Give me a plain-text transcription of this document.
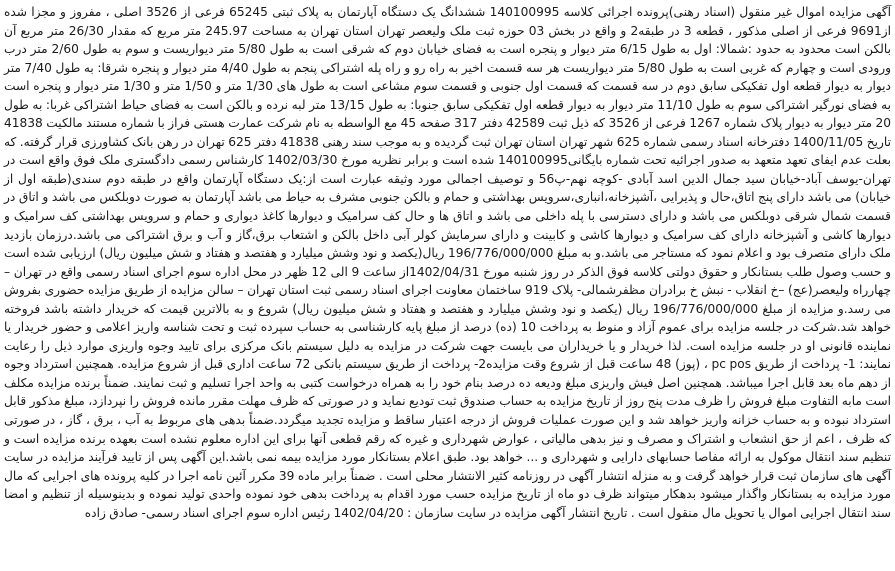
آگهی مزایده اموال غیر منقول (اسناد رهنی)پرونده اجرائی کلاسه 140100995 ششدانگ یک دستگاه آپارتمان به پلاک ثبتی 65245 فرعی از 3526 اصلی ، مفروز و مجزا شده از9691 فرعی از اصلی مذکور ، قطعه 3 در طبقه2 و واقع در بخش 03 حوزه ثبت ملک ولیعصر تهران استان تهران به مساحت 245.97 متر مربع که مقدار 26/30 متر مربع آن بالکن است محدود به حدود :شمالا: اول به طول 6/15 متر دیوار و پنجره است به فضای خیابان دوم که شرقی است به طول 5/80 متر دیواریست و سوم به طول 2/60 متر درب ورودی است و چهارم که غربی است به طول 5/80 متر دیواریست هر سه قسمت اخیر به راه رو و راه پله اشتراکی پنجم به طول 4/40 متر دیوار و پنجره شرقا: به طول 7/40 متر دیوار به دیوار قطعه اول تفکیکی سابق دوم در سه قسمت که قسمت اول جنوبی و قسمت سوم مشاعی است به طول های 1/30 متر و 1/50 متر و 1/30 متر دیوار و پنجره است به فضای نورگیر اشتراکی سوم به طول 11/10 متر دیوار به دیوار قطعه اول تفکیکی سابق جنوبا: به طول 13/15 متر لبه نرده و بالکن است به فضای حیاط اشتراکی غربا: به طول 20 متر دیوار به دیوار پلاک شماره 1267 فرعی از 3526 که ذیل ثبت 42589 دفتر 317 صفحه 45 مع الواسطه به نام شرکت عمارت هستی فراز با شماره مستند مالکیت 41838 تاریخ 1400/11/05 دفترخانه اسناد رسمی شماره 625 شهر تهران استان تهران ثبت گردیده و به موجب سند رهنی 41838 دفتر 625 تهران در رهن بانک کشاورزی قرار گرفته. که بعلت عدم ایفای تعهد متعهد به صدور اجرائیه تحت شماره بایگانی140100995 شده است و برابر نظریه مورخ 1402/03/30 کارشناس رسمی دادگستری ملک فوق واقع است در تهران-یوسف آباد-خیابان سید جمال الدین اسد آبادی -کوچه نهم-پ56 و توصیف اجمالی مورد وثیقه عبارت است از:یک دستگاه آپارتمان واقع در طبقه دوم سندی(طبقه اول از خیابان) می باشد دارای پنج اتاق،حال و پذیرایی ،آشپزخانه،انباری،سرویس بهداشتی و حمام و بالکن جنوبی مشرف به حیاط می باشد آپارتمان به صورت دوبلکس می باشد و اتاق در قسمت شمال شرقی دوبلکس می باشد و دارای دسترسی با پله داخلی می باشد و اتاق ها و حال کف سرامیک و دیوارها کاغذ دیواری و حمام و سرویس بهداشتی کف سرامیک و دیوارها کاشی و آشپزخانه دارای کف سرامیک و دیوارها کاشی و کابینت و دارای سرمایش کولر آبی داخل بالکن و اشتعاب برق،گاز و آب و برق اشتراکی می باشد.درزمان بازدید ملک دارای متصرف بود و اعلام نمود که مستاجر می باشد.و به مبلغ 196/776/000/000 ریال(یکصد و نود وشش میلیارد و هفتصد و هفتاد و شش میلیون ریال) ارزیابی شده است و حسب وصول طلب بستانکار و حقوق دولتی کلاسه فوق الذکر در روز شنبه مورخ 1402/04/31از ساعت 9 الی 12 ظهر در محل اداره سوم اجرای اسناد رسمی واقع در تهران – چهارراه ولیعصر(عج) –خ انقلاب - نبش خ برادران مظفرشمالی- پلاک 919 ساختمان معاونت اجرای اسناد رسمی ثبت استان تهران – سالن مزایده از طریق مزایده حضوری بفروش می رسد.و مزایده از مبلغ 196/776/000/000 ریال (یکصد و نود وشش میلیارد و هفتصد و هفتاد و شش میلیون ریال) شروع و به بالاترین قیمت که خریدار داشته باشد فروخته خواهد شد.شرکت در جلسه مزایده برای عموم آزاد و منوط به پرداخت 10 (ده) درصد از مبلغ پایه کارشناسی به حساب سپرده ثبت و تحت شناسه واریز اعلامی و حضور خریدار یا نماینده قانونی او در جلسه مزایده است. لذا خریدار و یا خریداران می بایست جهت شرکت در مزایده به دلیل سیستم بانک مرکزی برای تایید وجوه واریزی موارد ذیل را رعایت نمایند: 1- پرداخت از طریق pc pos ، (پوز) 48 ساعت قبل از شروع وقت مزایده2- پرداخت از طریق سیستم بانکی 72 ساعت اداری قبل از شروع مزایده. همچنین استرداد وجوه از دهم ماه بعد قابل اجرا میباشد. همچنین اصل فیش واریزی مبلغ ودیعه ده درصد بنام خود را به همراه درخواست کتبی به واحد اجرا تسلیم و ثبت نمایند. ضمناً برنده مزایده مکلف است مابه التفاوت مبلغ فروش را ظرف مدت پنج روز از تاریخ مزایده به حساب صندوق ثبت تودیع نماید و در صورتی که ظرف مهلت مقرر مانده فروش را نپردازد، مبلغ مذکور قابل استرداد نبوده و به حساب خزانه واریز خواهد شد و این صورت عملیات فروش از درجه اعتبار ساقط و مزایده تجدید میگردد.ضمناً بدهی های مربوط به آب ، برق ، گاز ، در صورتی که ظرف ، اعم از حق انشعاب و اشتراک و مصرف و نیز بدهی مالیاتی ، عوارض شهرداری و غیره که رقم قطعی آنها برای این اداره معلوم نشده است بعهده برنده مزایده است و تنظیم سند انتقال موکول به ارائه مفاصا حسابهای دارایی و شهرداری و ... خواهد بود. طبق اعلام بستانکار مورد مزایده بیمه نمی باشد.این آگهی پس از تایید فرآیند مزایده در سایت آگهی های سازمان ثبت قرار خواهد گرفت و به منزله انتشار آگهی در روزنامه کثیر الانتشار محلی است . ضمناً برابر ماده 39 مکرر آئین نامه اجرا در کلیه پرونده های اجرایی که مال مورد مزایده به بستانکار واگذار میشود بدهکار میتواند ظرف دو ماه از تاریخ مزایده حسب مورد اقدام به پرداخت بدهی خود نموده واحدی تولید نموده و بدینوسیله از تنظیم و امضا سند انتقال اجرایی اموال یا تحویل مال منقول است . تاریخ انتشار آگهی مزایده در سایت سازمان : 1402/04/20 رئیس اداره سوم اجرای اسناد رسمی- صادق زاده
